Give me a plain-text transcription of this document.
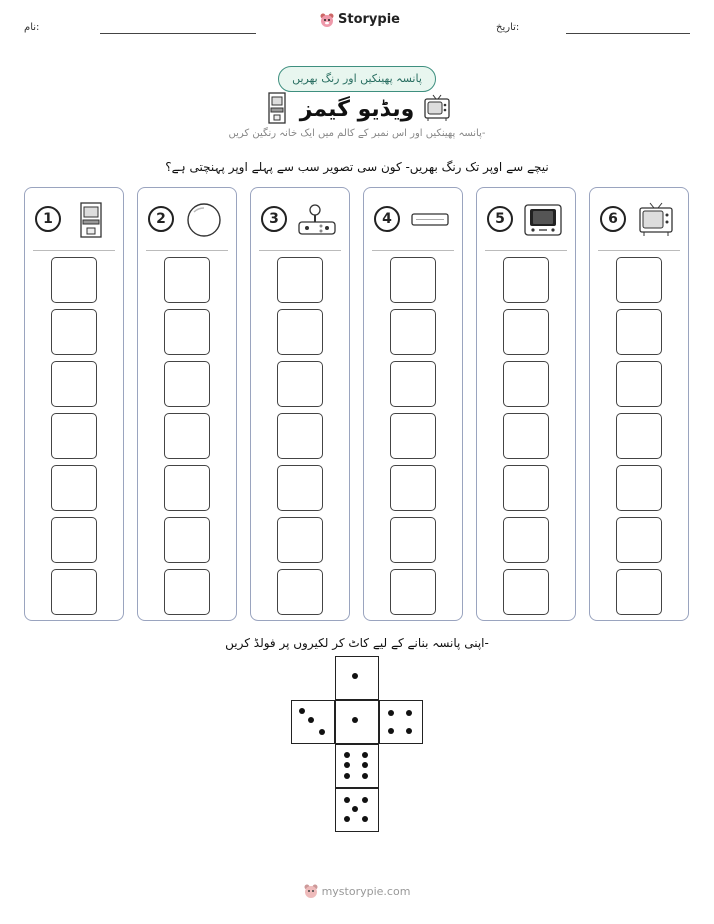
نام:
Storypie
تاریخ:
پانسہ پھینکیں اور رنگ بھریں
ویڈیو گیمز
پانسہ پھینکیں اور اس نمبر کے کالم میں ایک خانہ رنگین کریں-
نیچے سے اوپر تک رنگ بھریں- کون سی تصویر سب سے پہلے اوپر پہنچتی ہے؟
1	2	3	4	5	6
اپنی پانسہ بنانے کے لیے کاٹ کر لکیروں پر فولڈ کریں-
mystorypie.com
